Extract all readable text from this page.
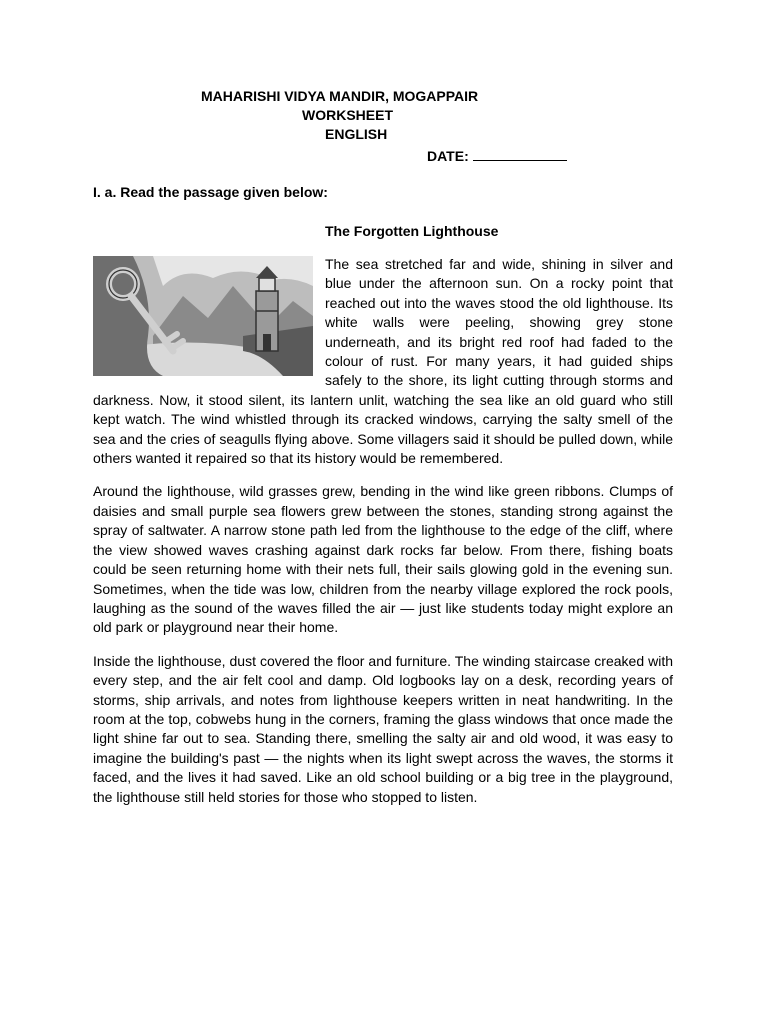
MAHARISHI VIDYA MANDIR, MOGAPPAIR
WORKSHEET
ENGLISH
DATE:
I. a. Read the passage given below:
The Forgotten Lighthouse

The sea stretched far and wide, shining in silver and blue under the afternoon sun. On a rocky point that reached out into the waves stood the old lighthouse. Its white walls were peeling, showing grey stone underneath, and its bright red roof had faded to the colour of rust. For many years, it had guided ships safely to the shore, its light cutting through storms and darkness. Now, it stood silent, its lantern unlit, watching the sea like an old guard who still kept watch. The wind whistled through its cracked windows, carrying the salty smell of the sea and the cries of seagulls flying above. Some villagers said it should be pulled down, while others wanted it repaired so that its history would be remembered.

Around the lighthouse, wild grasses grew, bending in the wind like green ribbons. Clumps of daisies and small purple sea flowers grew between the stones, standing strong against the spray of saltwater. A narrow stone path led from the lighthouse to the edge of the cliff, where the view showed waves crashing against dark rocks far below. From there, fishing boats could be seen returning home with their nets full, their sails glowing gold in the evening sun. Sometimes, when the tide was low, children from the nearby village explored the rock pools, laughing as the sound of the waves filled the air — just like students today might explore an old park or playground near their home.

Inside the lighthouse, dust covered the floor and furniture. The winding staircase creaked with every step, and the air felt cool and damp. Old logbooks lay on a desk, recording years of storms, ship arrivals, and notes from lighthouse keepers written in neat handwriting. In the room at the top, cobwebs hung in the corners, framing the glass windows that once made the light shine far out to sea. Standing there, smelling the salty air and old wood, it was easy to imagine the building's past — the nights when its light swept across the waves, the storms it faced, and the lives it had saved. Like an old school building or a big tree in the playground, the lighthouse still held stories for those who stopped to listen.
